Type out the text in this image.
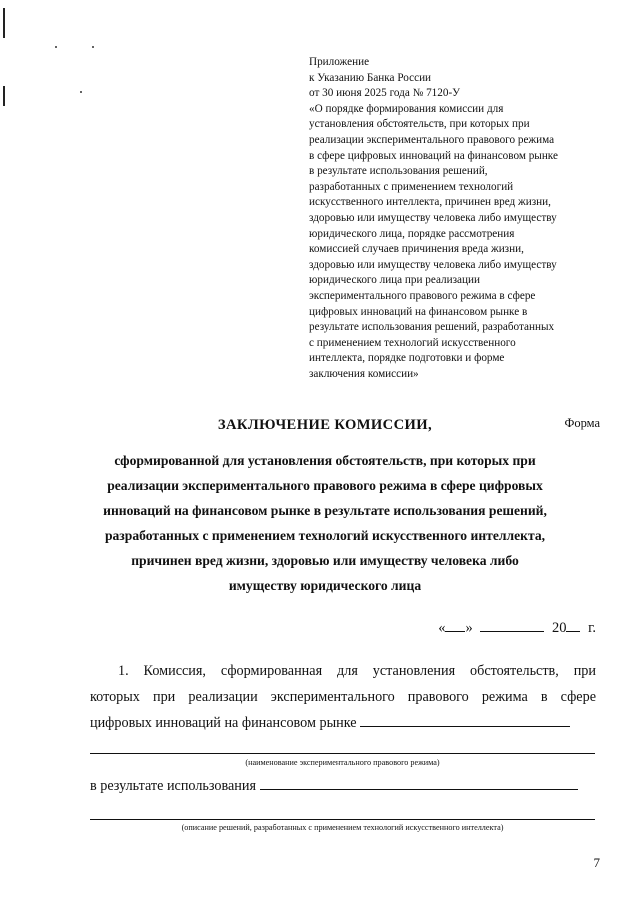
Приложение
к Указанию Банка России
от 30 июня 2025 года № 7120-У
«О порядке формирования комиссии для
установления обстоятельств, при которых при
реализации экспериментального правового режима
в сфере цифровых инноваций на финансовом рынке
в результате использования решений,
разработанных с применением технологий
искусственного интеллекта, причинен вред жизни,
здоровью или имуществу человека либо имуществу
юридического лица, порядке рассмотрения
комиссией случаев причинения вреда жизни,
здоровью или имуществу человека либо имуществу
юридического лица при реализации
экспериментального правового режима в сфере
цифровых инноваций на финансовом рынке в
результате использования решений, разработанных
с применением технологий искусственного
интеллекта, порядке подготовки и форме
заключения комиссии»
Форма
ЗАКЛЮЧЕНИЕ КОМИССИИ,
сформированной для установления обстоятельств, при которых при
реализации экспериментального правового режима в сфере цифровых
инноваций на финансовом рынке в результате использования решений,
разработанных с применением технологий искусственного интеллекта,
причинен вред жизни, здоровью или имуществу человека либо
имуществу юридического лица
« »	20 г.
1. Комиссия, сформированная для установления обстоятельств, при
которых при реализации экспериментального правового режима в сфере
цифровых инноваций на финансовом рынке
(наименование экспериментального правового режима)
в результате использования
(описание решений, разработанных с применением технологий искусственного интеллекта)
7
